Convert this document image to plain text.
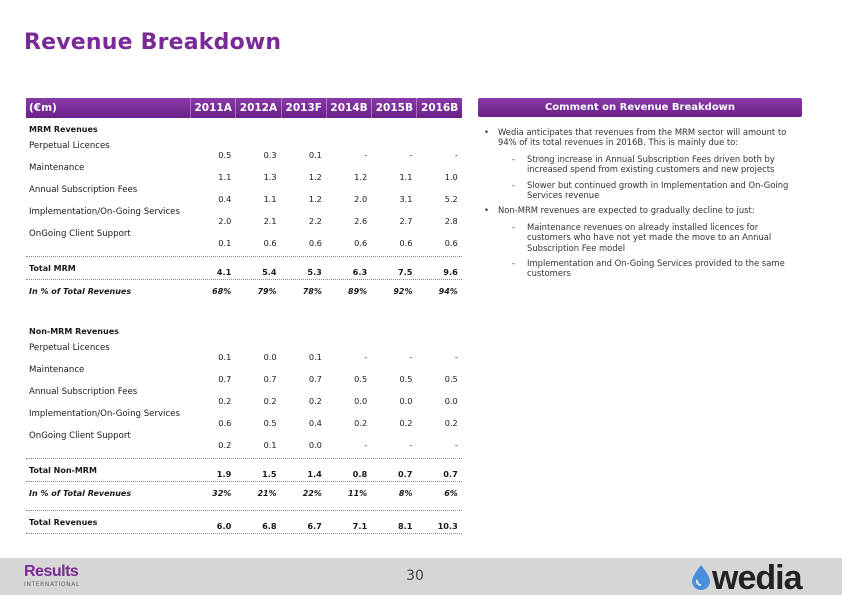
Revenue Breakdown
(€m)	2011A 2012A 2013F 2014B 2015B 2016B
MRM Revenues
Perpetual Licences
0.5	0.3	0.1	-	-	-
Maintenance
1.1	1.3	1.2	1.2	1.1	1.0
Annual Subscription Fees
0.4	1.1	1.2	2.0	3.1	5.2
Implementation/On-Going Services
2.0	2.1	2.2	2.6	2.7	2.8
OnGoing Client Support
0.1	0.6	0.6	0.6	0.6	0.6
Total MRM	4.1	5.4	5.3	6.3	7.5	9.6
In % of Total Revenues	68%	79%	78%	89%	92%	94%
Non-MRM Revenues
Perpetual Licences
0.1	0.0	0.1	-	-	-
Maintenance
0.7	0.7	0.7	0.5	0.5	0.5
Annual Subscription Fees
0.2	0.2	0.2	0.0	0.0	0.0
Implementation/On-Going Services
0.6	0.5	0.4	0.2	0.2	0.2
OnGoing Client Support
0.2	0.1	0.0	-	-	-
Total Non-MRM	1.9	1.5	1.4	0.8	0.7	0.7
In % of Total Revenues	32%	21%	22%	11%	8%	6%
Total Revenues	6.0	6.8	6.7	7.1	8.1	10.3
Comment on Revenue Breakdown
• Wedia anticipates that revenues from the MRM sector will amount to 94% of its total revenues in 2016B. This is mainly due to:
- Strong increase in Annual Subscription Fees driven both by increased spend from existing customers and new projects
- Slower but continued growth in Implementation and On-Going Services revenue
• Non-MRM revenues are expected to gradually decline to just:
- Maintenance revenues on already installed licences for customers who have not yet made the move to an Annual Subscription Fee model
- Implementation and On-Going Services provided to the same customers
Results
INTERNATIONAL
30	wedia
